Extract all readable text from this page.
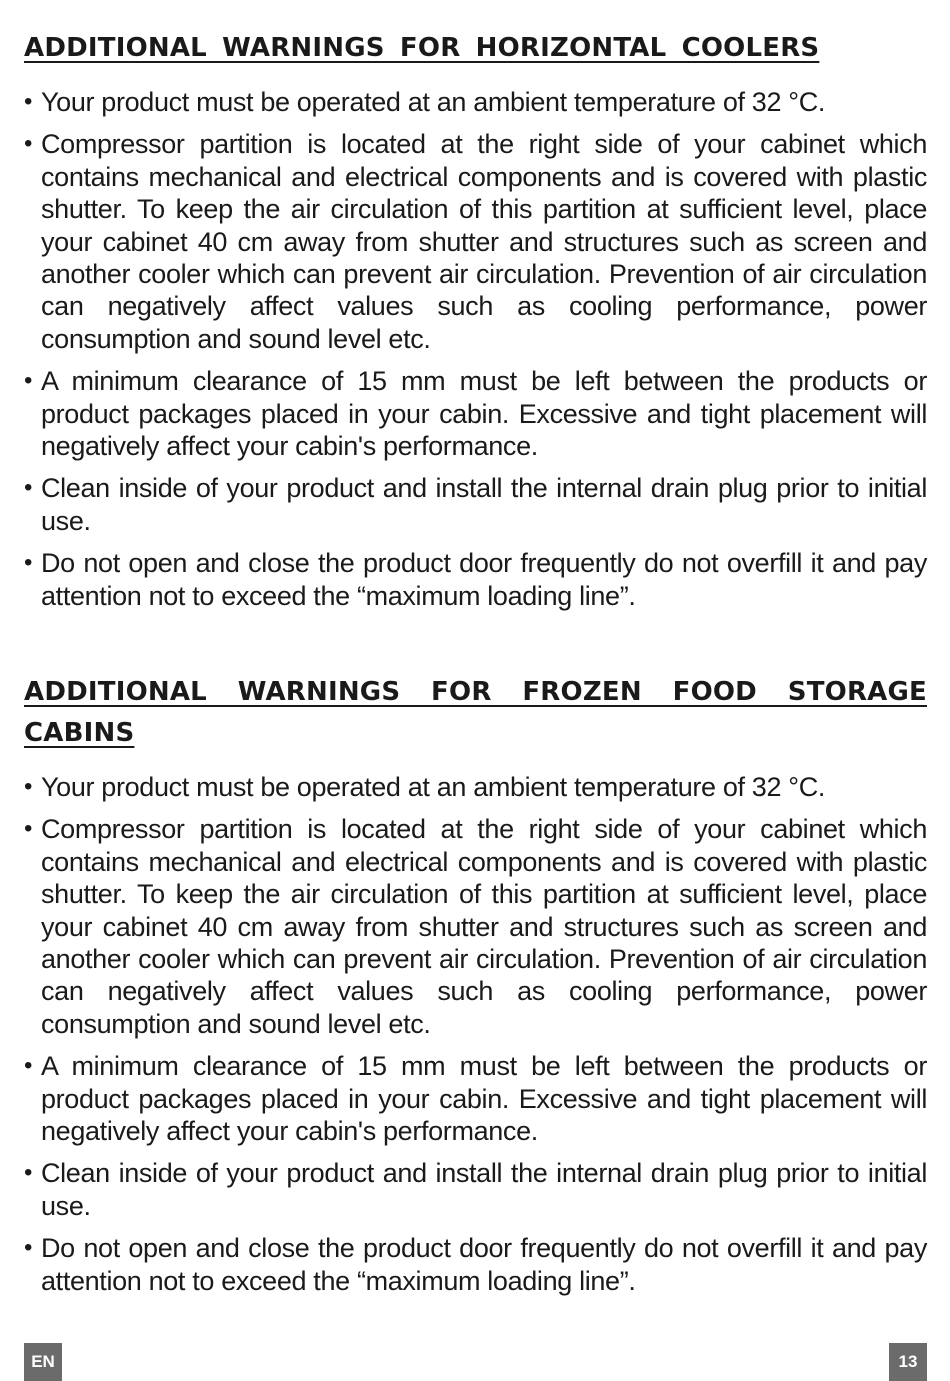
ADDITIONAL WARNINGS FOR HORIZONTAL COOLERS
• Your product must be operated at an ambient temperature of 32 °C.
• Compressor partition is located at the right side of your cabinet which contains mechanical and electrical components and is covered with plastic shutter. To keep the air circulation of this partition at sufficient level, place your cabinet 40 cm away from shutter and structures such as screen and another cooler which can prevent air circulation. Prevention of air circulation can negatively affect values such as cooling performance, power consumption and sound level etc.
• A minimum clearance of 15 mm must be left between the products or product packages placed in your cabin. Excessive and tight placement will negatively affect your cabin's performance.
• Clean inside of your product and install the internal drain plug prior to initial use.
• Do not open and close the product door frequently do not overfill it and pay attention not to exceed the “maximum loading line”.
ADDITIONAL WARNINGS FOR FROZEN FOOD STORAGE CABINS
• Your product must be operated at an ambient temperature of 32 °C.
• Compressor partition is located at the right side of your cabinet which contains mechanical and electrical components and is covered with plastic shutter. To keep the air circulation of this partition at sufficient level, place your cabinet 40 cm away from shutter and structures such as screen and another cooler which can prevent air circulation. Prevention of air circulation can negatively affect values such as cooling performance, power consumption and sound level etc.
• A minimum clearance of 15 mm must be left between the products or product packages placed in your cabin. Excessive and tight placement will negatively affect your cabin's performance.
• Clean inside of your product and install the internal drain plug prior to initial use.
• Do not open and close the product door frequently do not overfill it and pay attention not to exceed the “maximum loading line”.
EN	13
